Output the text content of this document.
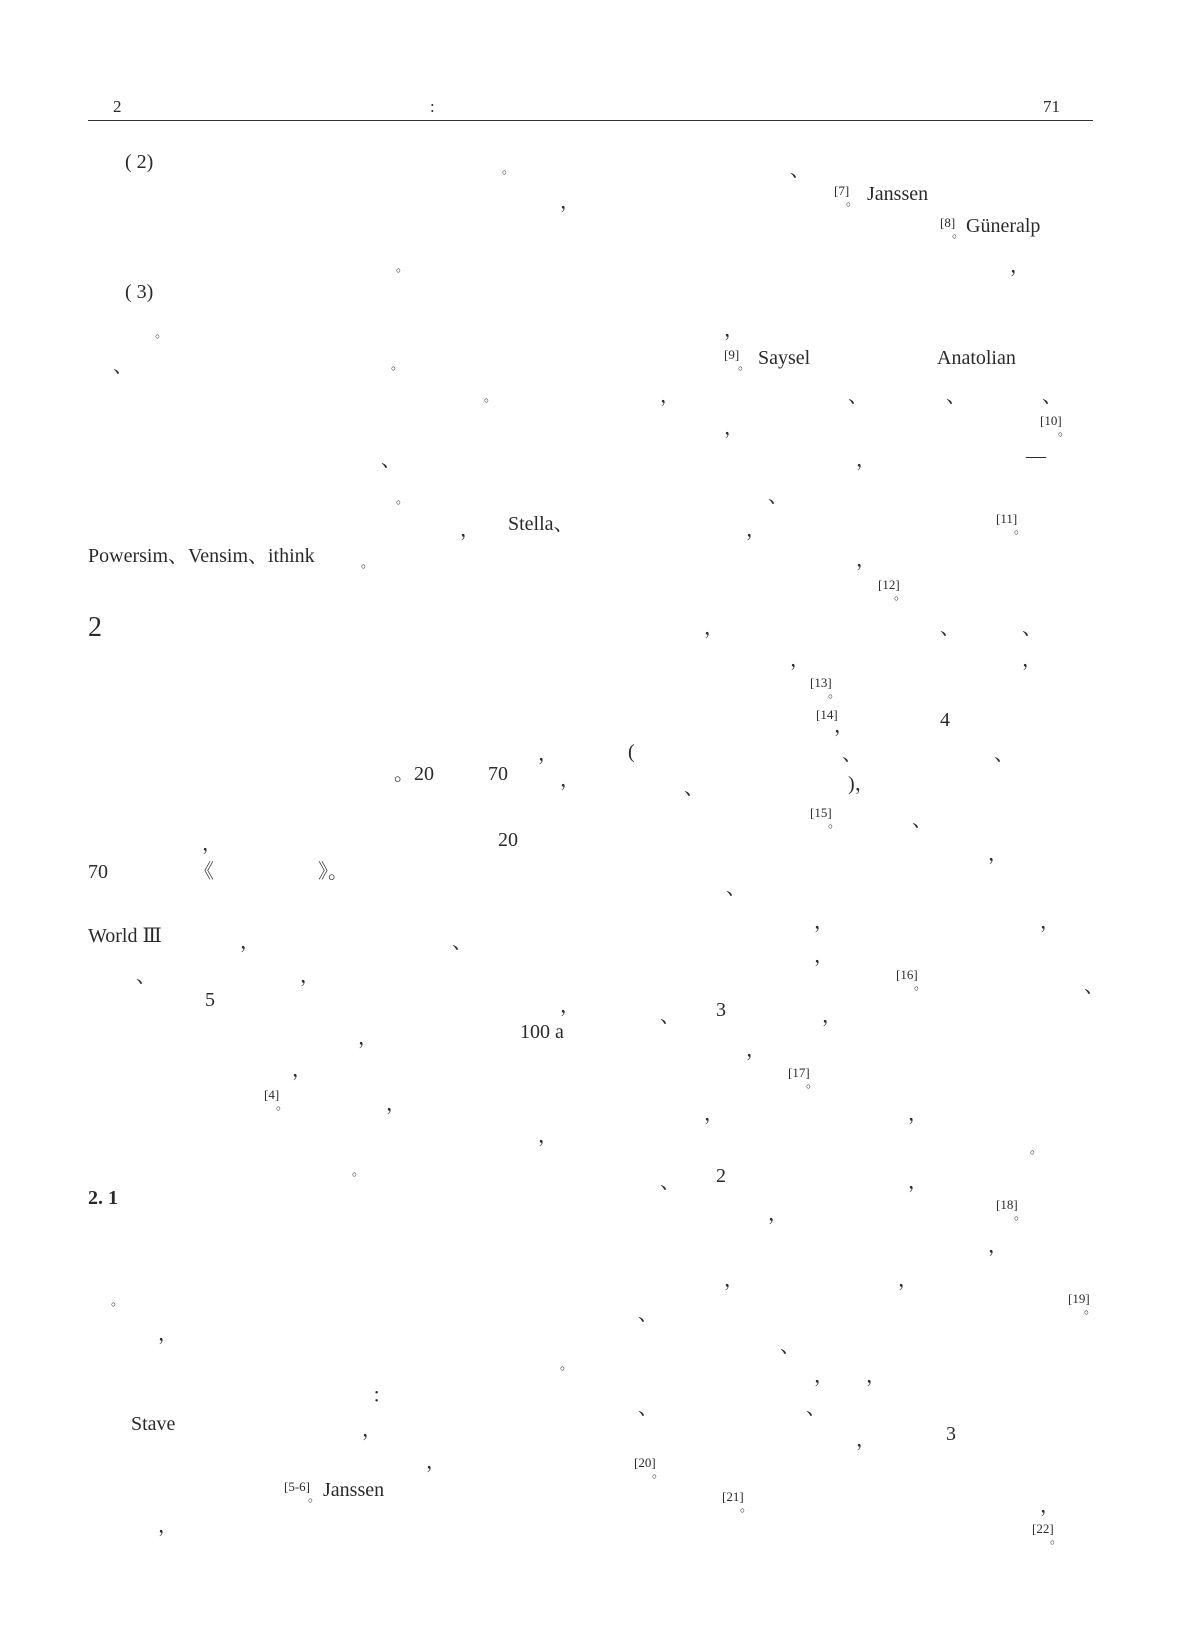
2	:	71
( 2)	。	、
，
[7]
。 Janssen
[8]
。 Güneralp
。	，
( 3)
。	，
、	。
[9]
。 Saysel	Anatolian
。	，	、	、	、
，	[10]
。
、	，	—
。	、
， Stella、	，
[11]
。
Powersim、Vensim、ithink	。	，
[12]
。
2	，	、	、
，	，
[13]
。
[14]
，	4
，	(	、	、
。20	70	，	、	)，
[15]
。	、
，	20
，
70	《	》。
、
，	，
World Ⅲ	，	、
，
、	，	[16]
。	、
5	，	、 3	，
，	100 a
，
，	[17]
。
[4]
。	，	，	，
，
。
。
、 2	，
2. 1
，	[18]
。
，
，	，
。	[19]
。
、
，
、
。
， ，
：
、	、
Stave	，	，	3
，	[20]
。
[5-6]
。 Janssen	[21]
。	，
，	[22]
。
